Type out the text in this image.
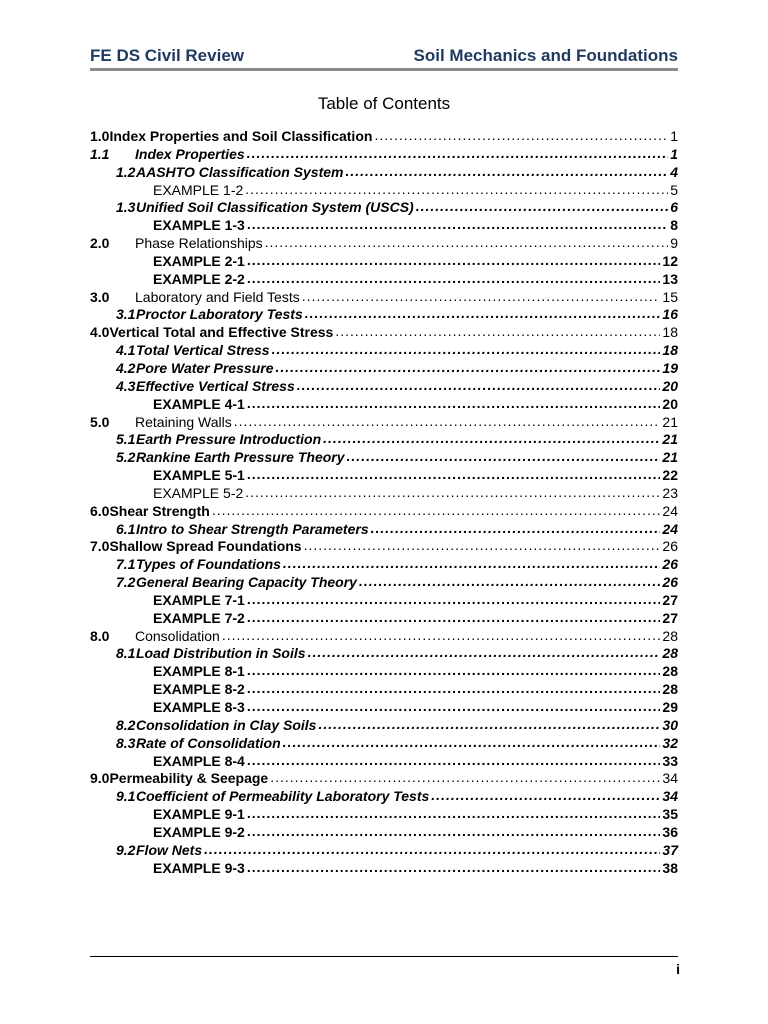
FE DS Civil Review	Soil Mechanics and Foundations
Table of Contents
1.0 Index Properties and Soil Classification .....	1
1.1	Index Properties .....	1
1.2 AASHTO Classification System .....	4
EXAMPLE 1-2 .....	5
1.3 Unified Soil Classification System (USCS) .....	6
EXAMPLE 1-3 .....	8
2.0	Phase Relationships .....	9
EXAMPLE 2-1 .....	12
EXAMPLE 2-2 .....	13
3.0	Laboratory and Field Tests .....	15
3.1 Proctor Laboratory Tests .....	16
4.0 Vertical Total and Effective Stress .....	18
4.1 Total Vertical Stress .....	18
4.2 Pore Water Pressure .....	19
4.3 Effective Vertical Stress .....	20
EXAMPLE 4-1 .....	20
5.0	Retaining Walls .....	21
5.1 Earth Pressure Introduction .....	21
5.2 Rankine Earth Pressure Theory .....	21
EXAMPLE 5-1 .....	22
EXAMPLE 5-2 .....	23
6.0 Shear Strength .....	24
6.1 Intro to Shear Strength Parameters .....	24
7.0 Shallow Spread Foundations .....	26
7.1 Types of Foundations .....	26
7.2 General Bearing Capacity Theory .....	26
EXAMPLE 7-1 .....	27
EXAMPLE 7-2 .....	27
8.0	Consolidation .....	28
8.1 Load Distribution in Soils .....	28
EXAMPLE 8-1 .....	28
EXAMPLE 8-2 .....	28
EXAMPLE 8-3 .....	29
8.2 Consolidation in Clay Soils .....	30
8.3 Rate of Consolidation .....	32
EXAMPLE 8-4 .....	33
9.0 Permeability & Seepage .....	34
9.1 Coefficient of Permeability Laboratory Tests .....	34
EXAMPLE 9-1 .....	35
EXAMPLE 9-2 .....	36
9.2 Flow Nets .....	37
EXAMPLE 9-3 .....	38
i
